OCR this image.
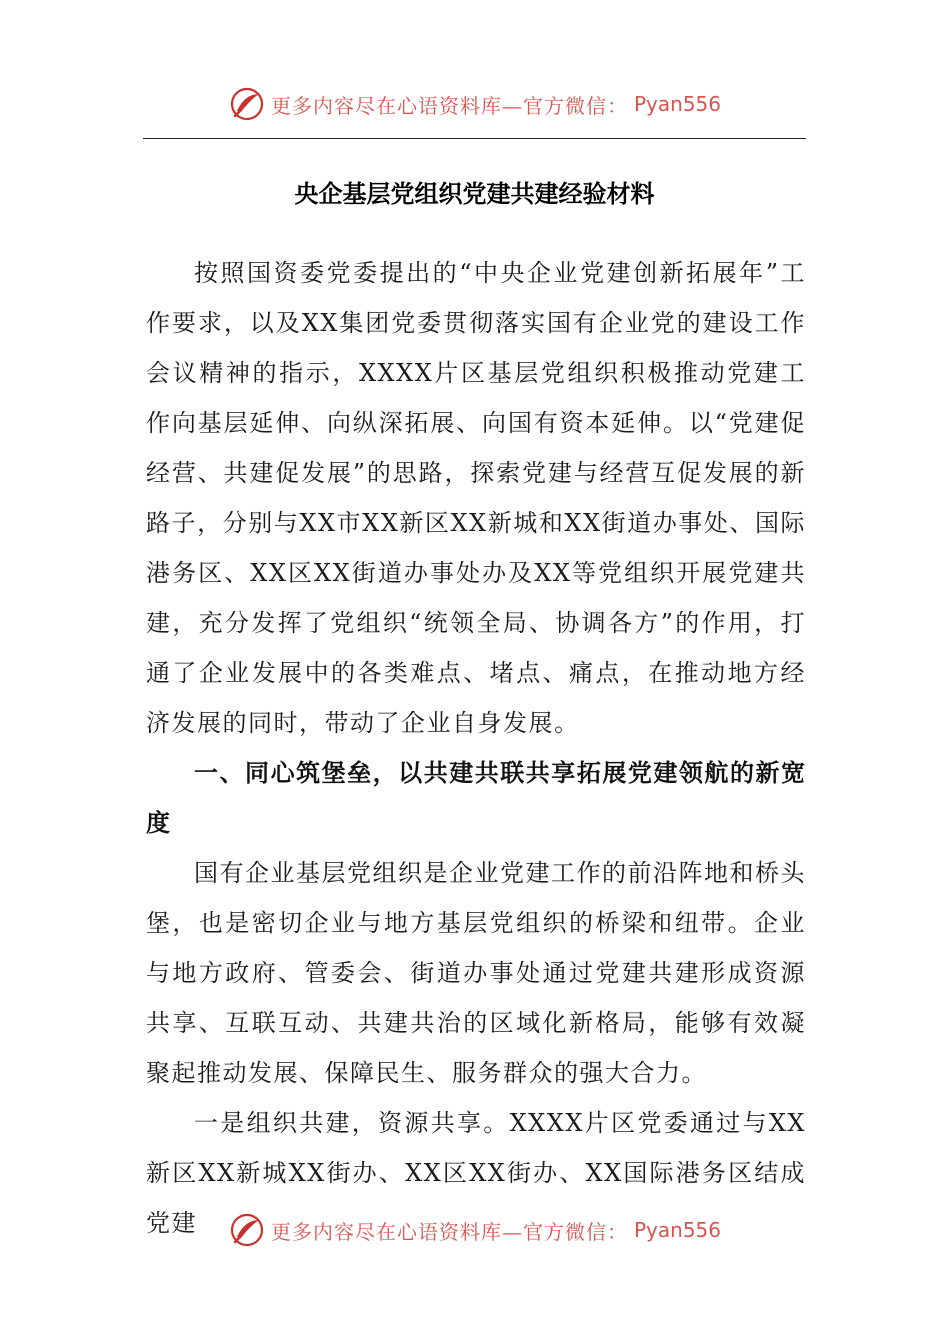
更多内容尽在心语资料库—官方微信： Pyan556
央企基层党组织党建共建经验材料

按照国资委党委提出的“中央企业党建创新拓展年”工作要求，以及XX集团党委贯彻落实国有企业党的建设工作会议精神的指示，XXXX片区基层党组织积极推动党建工作向基层延伸、向纵深拓展、向国有资本延伸。以“党建促经营、共建促发展”的思路，探索党建与经营互促发展的新路子，分别与XX市XX新区XX新城和XX街道办事处、国际港务区、XX区XX街道办事处办及XX等党组织开展党建共建，充分发挥了党组织“统领全局、协调各方”的作用，打通了企业发展中的各类难点、堵点、痛点，在推动地方经济发展的同时，带动了企业自身发展。

一、同心筑堡垒，以共建共联共享拓展党建领航的新宽度

国有企业基层党组织是企业党建工作的前沿阵地和桥头堡，也是密切企业与地方基层党组织的桥梁和纽带。企业与地方政府、管委会、街道办事处通过党建共建形成资源共享、互联互动、共建共治的区域化新格局，能够有效凝聚起推动发展、保障民生、服务群众的强大合力。

一是组织共建，资源共享。XXXX片区党委通过与XX新区XX新城XX街办、XX区XX街办、XX国际港务区结成党建	更多内容尽在心语资料库—官方微信： Pyan556
